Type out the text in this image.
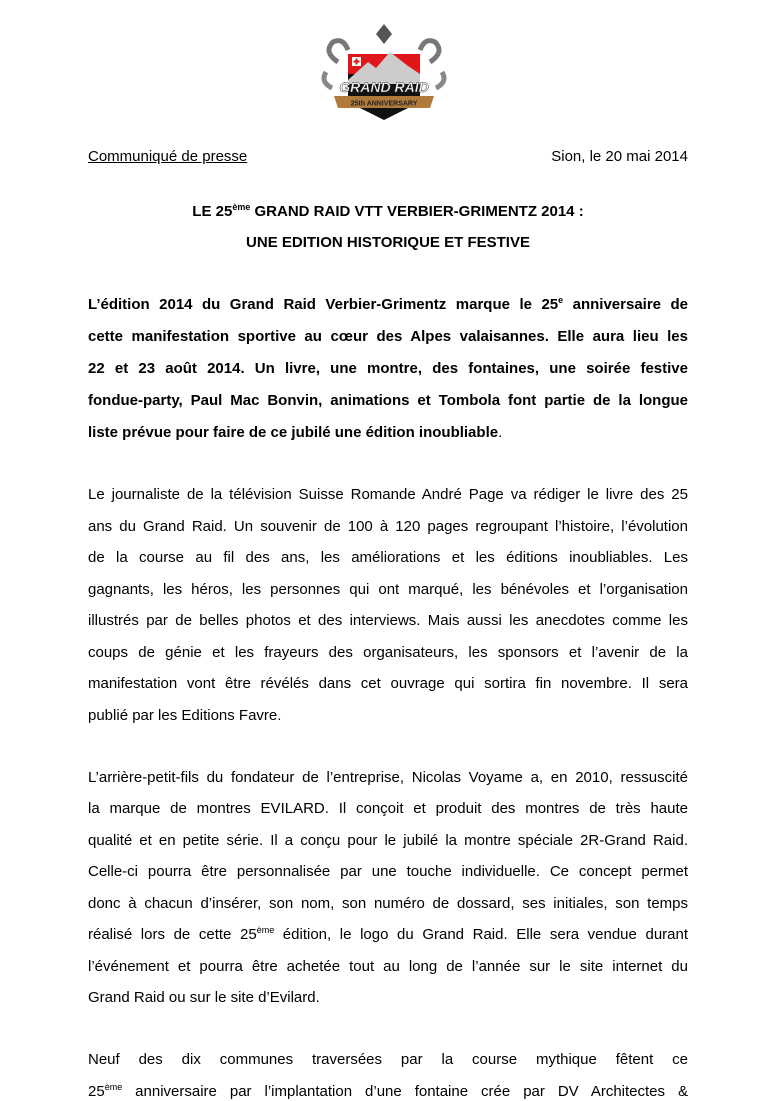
GRAND RAID
25th ANNIVERSARY
Communiqué de presse	Sion, le 20 mai 2014
LE 25ème GRAND RAID VTT VERBIER-GRIMENTZ 2014 :
UNE EDITION HISTORIQUE ET FESTIVE
L’édition 2014 du Grand Raid Verbier-Grimentz marque le 25e anniversaire de
cette manifestation sportive au cœur des Alpes valaisannes. Elle aura lieu les
22 et 23 août 2014. Un livre, une montre, des fontaines, une soirée festive
fondue-party, Paul Mac Bonvin, animations et Tombola font partie de la longue
liste prévue pour faire de ce jubilé une édition inoubliable.
Le journaliste de la télévision Suisse Romande André Page va rédiger le livre des 25
ans du Grand Raid. Un souvenir de 100 à 120 pages regroupant l’histoire, l’évolution
de la course au fil des ans, les améliorations et les éditions inoubliables. Les
gagnants, les héros, les personnes qui ont marqué, les bénévoles et l’organisation
illustrés par de belles photos et des interviews. Mais aussi les anecdotes comme les
coups de génie et les frayeurs des organisateurs, les sponsors et l’avenir de la
manifestation vont être révélés dans cet ouvrage qui sortira fin novembre. Il sera
publié par les Editions Favre.
L’arrière-petit-fils du fondateur de l’entreprise, Nicolas Voyame a, en 2010, ressuscité
la marque de montres EVILARD. Il conçoit et produit des montres de très haute
qualité et en petite série. Il a conçu pour le jubilé la montre spéciale 2R-Grand Raid.
Celle-ci pourra être personnalisée par une touche individuelle. Ce concept permet
donc à chacun d’insérer, son nom, son numéro de dossard, ses initiales, son temps
réalisé lors de cette 25ème édition, le logo du Grand Raid. Elle sera vendue durant
l’événement et pourra être achetée tout au long de l’année sur le site internet du
Grand Raid ou sur le site d’Evilard.
Neuf des dix communes traversées par la course mythique fêtent ce
25ème anniversaire par l’implantation d’une fontaine crée par DV Architectes &
